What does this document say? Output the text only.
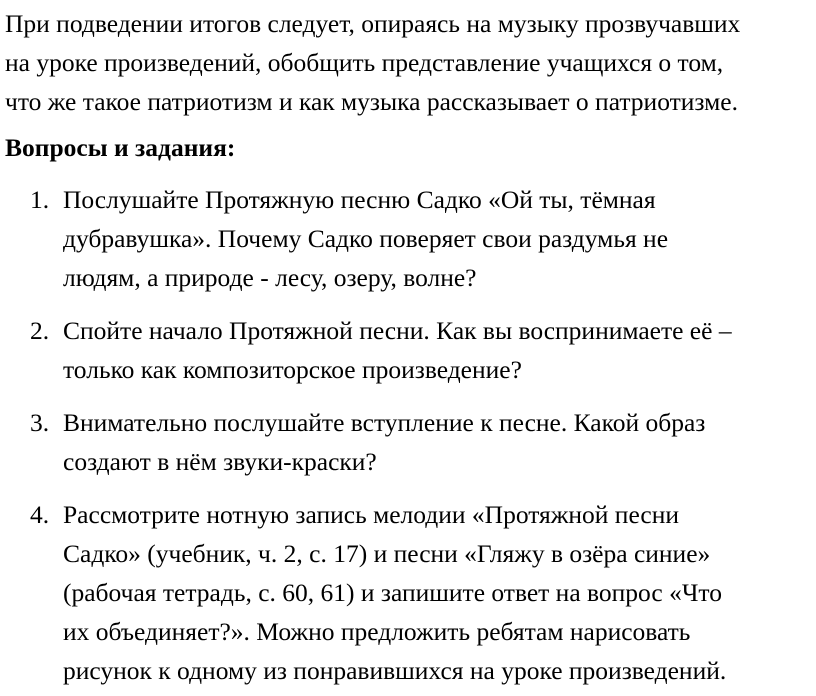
При подведении итогов следует, опираясь на музыку прозвучавших
на уроке произведений, обобщить представление учащихся о том,
что же такое патриотизм и как музыка рассказывает о патриотизме.

Вопросы и задания:

1. Послушайте Протяжную песню Садко «Ой ты, тёмная
дубравушка». Почему Садко поверяет свои раздумья не
людям, а природе - лесу, озеру, волне?
2. Спойте начало Протяжной песни. Как вы воспринимаете её –
только как композиторское произведение?
3. Внимательно послушайте вступление к песне. Какой образ
создают в нём звуки-краски?
4. Рассмотрите нотную запись мелодии «Протяжной песни
Садко» (учебник, ч. 2, с. 17) и песни «Гляжу в озёра синие»
(рабочая тетрадь, с. 60, 61) и запишите ответ на вопрос «Что
их объединяет?». Можно предложить ребятам нарисовать
рисунок к одному из понравившихся на уроке произведений.
